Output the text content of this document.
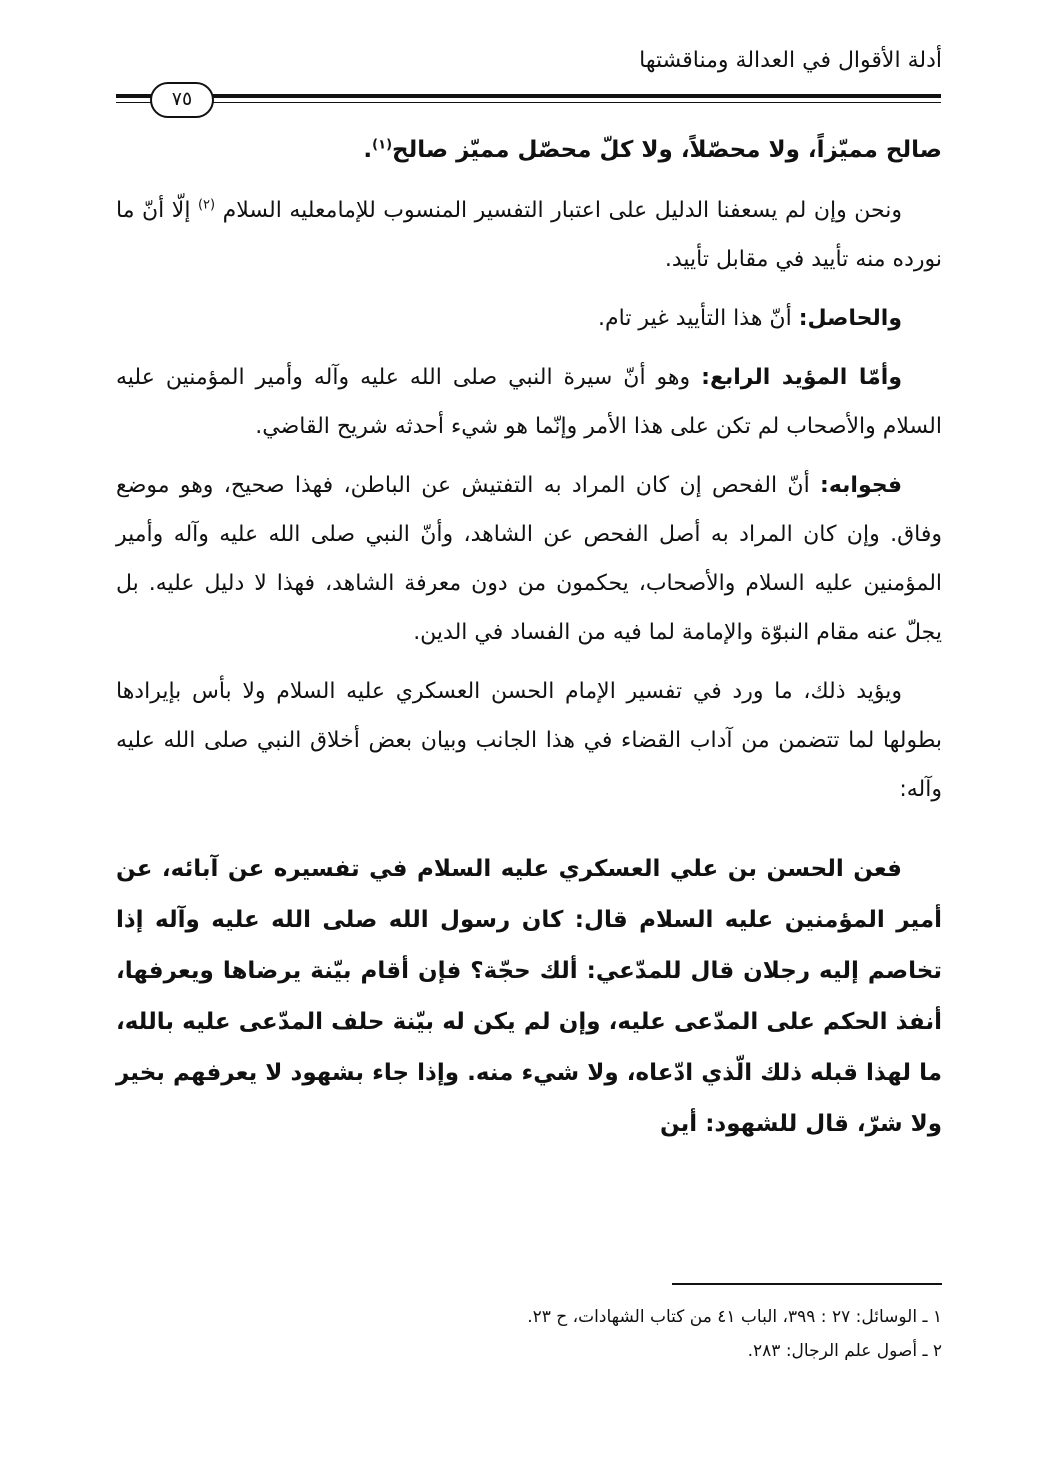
أدلة الأقوال في العدالة ومناقشتها
٧٥

صالح مميّزاً، ولا محصّلاً، ولا كلّ محصّل مميّز صالح$^{(١)}$.

ونحن وإن لم يسعفنا الدليل على اعتبار التفسير المنسوب للإمامعليه السلام $^{(٢)}$ إلّا أنّ ما نورده منه تأييد في مقابل تأييد.

والحاصل: أنّ هذا التأييد غير تام.

وأمّا المؤيد الرابع: وهو أنّ سيرة النبي صلى الله عليه وآله وأمير المؤمنين عليه السلام والأصحاب لم تكن على هذا الأمر وإنّما هو شيء أحدثه شريح القاضي.

فجوابه: أنّ الفحص إن كان المراد به التفتيش عن الباطن، فهذا صحيح، وهو موضع وفاق. وإن كان المراد به أصل الفحص عن الشاهد، وأنّ النبي صلى الله عليه وآله وأمير المؤمنين عليه السلام والأصحاب، يحكمون من دون معرفة الشاهد، فهذا لا دليل عليه. بل يجلّ عنه مقام النبوّة والإمامة لما فيه من الفساد في الدين.

ويؤيد ذلك، ما ورد في تفسير الإمام الحسن العسكري عليه السلام ولا بأس بإيرادها بطولها لما تتضمن من آداب القضاء في هذا الجانب وبيان بعض أخلاق النبي صلى الله عليه وآله:

فعن الحسن بن علي العسكري عليه السلام في تفسيره عن آبائه، عن أمير المؤمنين عليه السلام قال: كان رسول الله صلى الله عليه وآله إذا تخاصم إليه رجلان قال للمدّعي: ألك حجّة؟ فإن أقام بيّنة يرضاها ويعرفها، أنفذ الحكم على المدّعى عليه، وإن لم يكن له بيّنة حلف المدّعى عليه بالله، ما لهذا قبله ذلك الّذي ادّعاه، ولا شيء منه. وإذا جاء بشهود لا يعرفهم بخير ولا شرّ، قال للشهود: أين

١ ـ الوسائل: ٢٧ : ٣٩٩، الباب ٤١ من كتاب الشهادات، ح ٢٣.

٢ ـ أصول علم الرجال: ٢٨٣.
